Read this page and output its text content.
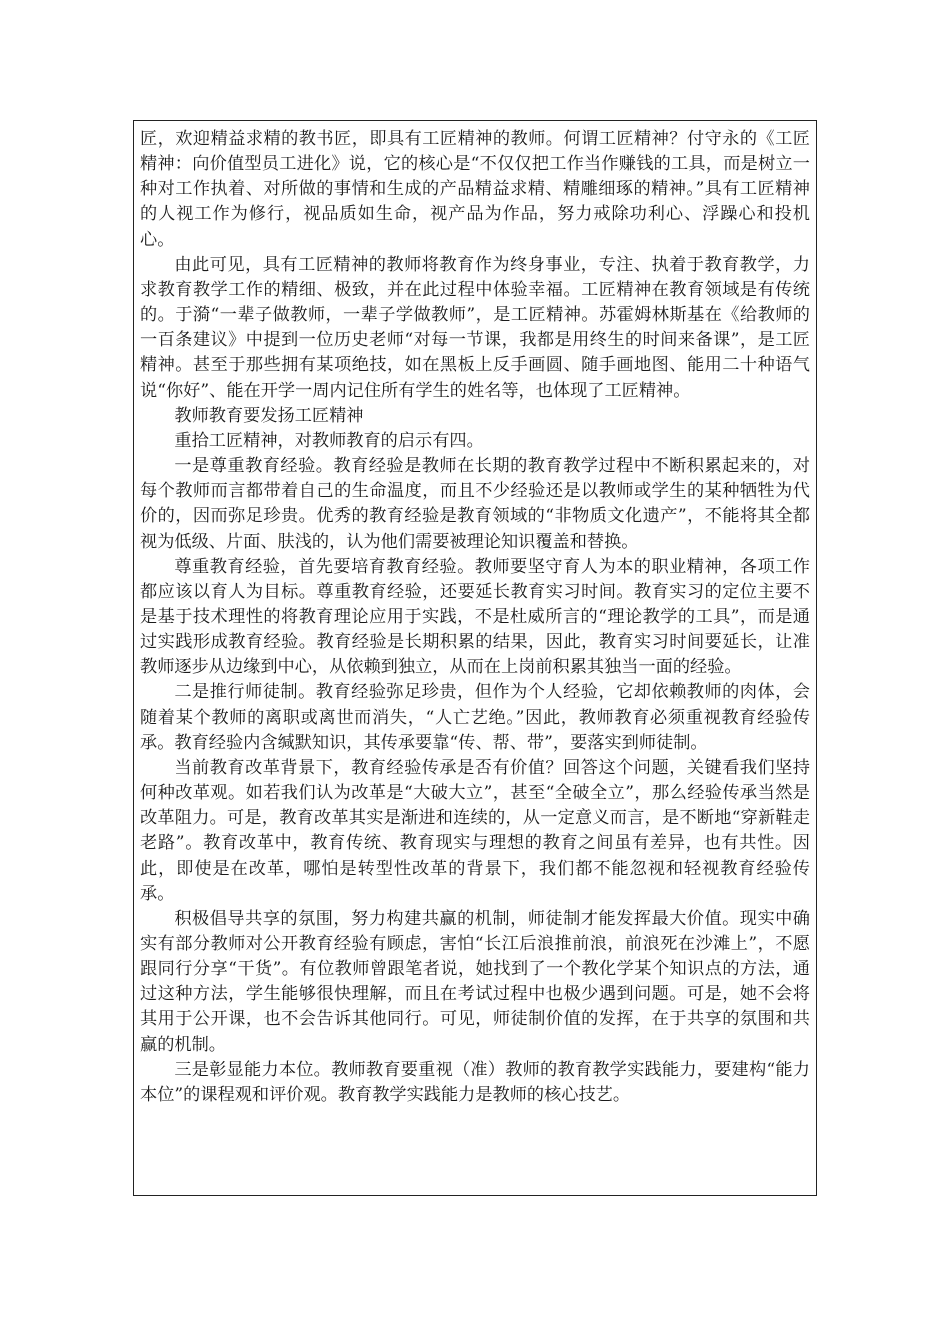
匠，欢迎精益求精的教书匠，即具有工匠精神的教师。何谓工匠精神？付守永的《工匠精神：向价值型员工进化》说，它的核心是“不仅仅把工作当作赚钱的工具，而是树立一种对工作执着、对所做的事情和生成的产品精益求精、精雕细琢的精神。”具有工匠精神的人视工作为修行，视品质如生命，视产品为作品，努力戒除功利心、浮躁心和投机心。

由此可见，具有工匠精神的教师将教育作为终身事业，专注、执着于教育教学，力求教育教学工作的精细、极致，并在此过程中体验幸福。工匠精神在教育领域是有传统的。于漪“一辈子做教师，一辈子学做教师”，是工匠精神。苏霍姆林斯基在《给教师的一百条建议》中提到一位历史老师“对每一节课，我都是用终生的时间来备课”，是工匠精神。甚至于那些拥有某项绝技，如在黑板上反手画圆、随手画地图、能用二十种语气说“你好”、能在开学一周内记住所有学生的姓名等，也体现了工匠精神。

教师教育要发扬工匠精神

重拾工匠精神，对教师教育的启示有四。

一是尊重教育经验。教育经验是教师在长期的教育教学过程中不断积累起来的，对每个教师而言都带着自己的生命温度，而且不少经验还是以教师或学生的某种牺牲为代价的，因而弥足珍贵。优秀的教育经验是教育领域的“非物质文化遗产”，不能将其全都视为低级、片面、肤浅的，认为他们需要被理论知识覆盖和替换。

尊重教育经验，首先要培育教育经验。教师要坚守育人为本的职业精神，各项工作都应该以育人为目标。尊重教育经验，还要延长教育实习时间。教育实习的定位主要不是基于技术理性的将教育理论应用于实践，不是杜威所言的“理论教学的工具”，而是通过实践形成教育经验。教育经验是长期积累的结果，因此，教育实习时间要延长，让准教师逐步从边缘到中心，从依赖到独立，从而在上岗前积累其独当一面的经验。

二是推行师徒制。教育经验弥足珍贵，但作为个人经验，它却依赖教师的肉体，会随着某个教师的离职或离世而消失，“人亡艺绝。”因此，教师教育必须重视教育经验传承。教育经验内含缄默知识，其传承要靠“传、帮、带”，要落实到师徒制。

当前教育改革背景下，教育经验传承是否有价值？回答这个问题，关键看我们坚持何种改革观。如若我们认为改革是“大破大立”，甚至“全破全立”，那么经验传承当然是改革阻力。可是，教育改革其实是渐进和连续的，从一定意义而言，是不断地“穿新鞋走老路”。教育改革中，教育传统、教育现实与理想的教育之间虽有差异，也有共性。因此，即使是在改革，哪怕是转型性改革的背景下，我们都不能忽视和轻视教育经验传承。

积极倡导共享的氛围，努力构建共赢的机制，师徒制才能发挥最大价值。现实中确实有部分教师对公开教育经验有顾虑，害怕“长江后浪推前浪，前浪死在沙滩上”，不愿跟同行分享“干货”。有位教师曾跟笔者说，她找到了一个教化学某个知识点的方法，通过这种方法，学生能够很快理解，而且在考试过程中也极少遇到问题。可是，她不会将其用于公开课，也不会告诉其他同行。可见，师徒制价值的发挥，在于共享的氛围和共赢的机制。

三是彰显能力本位。教师教育要重视（准）教师的教育教学实践能力，要建构“能力本位”的课程观和评价观。教育教学实践能力是教师的核心技艺。
